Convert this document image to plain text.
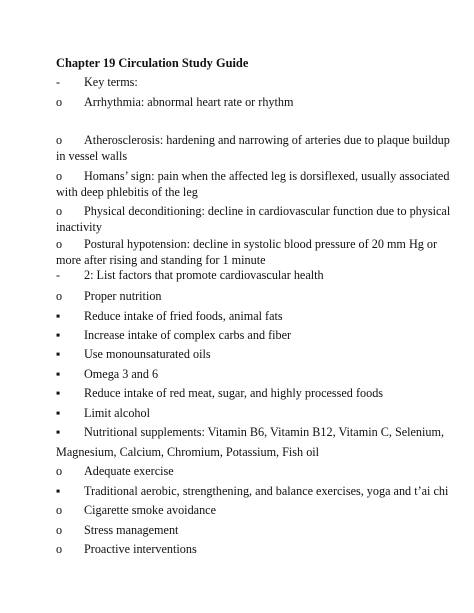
Chapter 19 Circulation Study Guide
- Key terms:
o Arrhythmia: abnormal heart rate or rhythm
o Atherosclerosis: hardening and narrowing of arteries due to plaque buildup
in vessel walls
o Homans’ sign: pain when the affected leg is dorsiflexed, usually associated
with deep phlebitis of the leg
o Physical deconditioning: decline in cardiovascular function due to physical
inactivity
o Postural hypotension: decline in systolic blood pressure of 20 mm Hg or
more after rising and standing for 1 minute
- 2: List factors that promote cardiovascular health
o Proper nutrition
▪ Reduce intake of fried foods, animal fats
▪ Increase intake of complex carbs and fiber
▪ Use monounsaturated oils
▪ Omega 3 and 6
▪ Reduce intake of red meat, sugar, and highly processed foods
▪ Limit alcohol
▪ Nutritional supplements: Vitamin B6, Vitamin B12, Vitamin C, Selenium,
Magnesium, Calcium, Chromium, Potassium, Fish oil
o Adequate exercise
▪ Traditional aerobic, strengthening, and balance exercises, yoga and t’ai chi
o Cigarette smoke avoidance
o Stress management
o Proactive interventions
